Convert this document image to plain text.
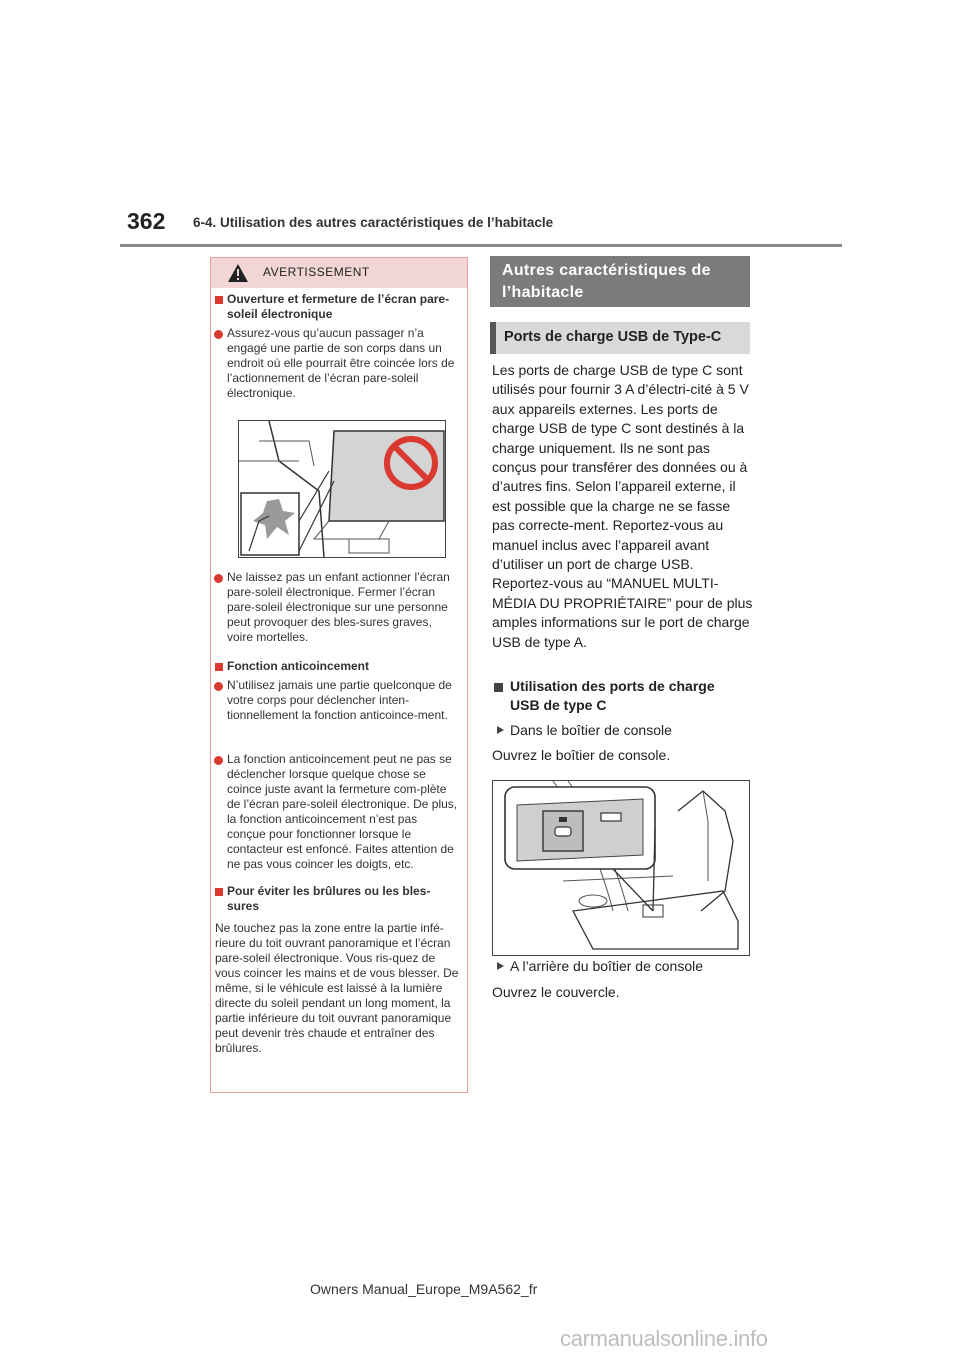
362 6-4. Utilisation des autres caractéristiques de l’habitacle
AVERTISSEMENT
Ouverture et fermeture de l’écran pare-soleil électronique
Assurez-vous qu’aucun passager n’a engagé une partie de son corps dans un endroit où elle pourrait être coincée lors de l’actionnement de l’écran pare-soleil électronique.
Ne laissez pas un enfant actionner l’écran pare-soleil électronique. Fermer l’écran pare-soleil électronique sur une personne peut provoquer des bles-sures graves, voire mortelles.
Fonction anticoincement
N’utilisez jamais une partie quelconque de votre corps pour déclencher inten-tionnellement la fonction anticoince-ment.
La fonction anticoincement peut ne pas se déclencher lorsque quelque chose se coince juste avant la fermeture com-plète de l’écran pare-soleil électronique. De plus, la fonction anticoincement n’est pas conçue pour fonctionner lorsque le contacteur est enfoncé. Faites attention de ne pas vous coincer les doigts, etc.
Pour éviter les brûlures ou les bles-sures
Ne touchez pas la zone entre la partie infé-rieure du toit ouvrant panoramique et l’écran pare-soleil électronique. Vous ris-quez de vous coincer les mains et de vous blesser. De même, si le véhicule est laissé à la lumière directe du soleil pendant un long moment, la partie inférieure du toit ouvrant panoramique peut devenir très chaude et entraîner des brûlures.
Autres caractéristiques de l’habitacle
Ports de charge USB de Type-C
Les ports de charge USB de type C sont utilisés pour fournir 3 A d’électri-cité à 5 V aux appareils externes. Les ports de charge USB de type C sont destinés à la charge uniquement. Ils ne sont pas conçus pour transférer des données ou à d’autres fins. Selon l’appareil externe, il est possible que la charge ne se fasse pas correcte-ment. Reportez-vous au manuel inclus avec l’appareil avant d’utiliser un port de charge USB. Reportez-vous au “MANUEL MULTI-MÉDIA DU PROPRIÉTAIRE” pour de plus amples informations sur le port de charge USB de type A.
Utilisation des ports de charge USB de type C
Dans le boîtier de console
Ouvrez le boîtier de console.
A l’arrière du boîtier de console
Ouvrez le couvercle.
Owners Manual_Europe_M9A562_fr
carmanualsonline.info
